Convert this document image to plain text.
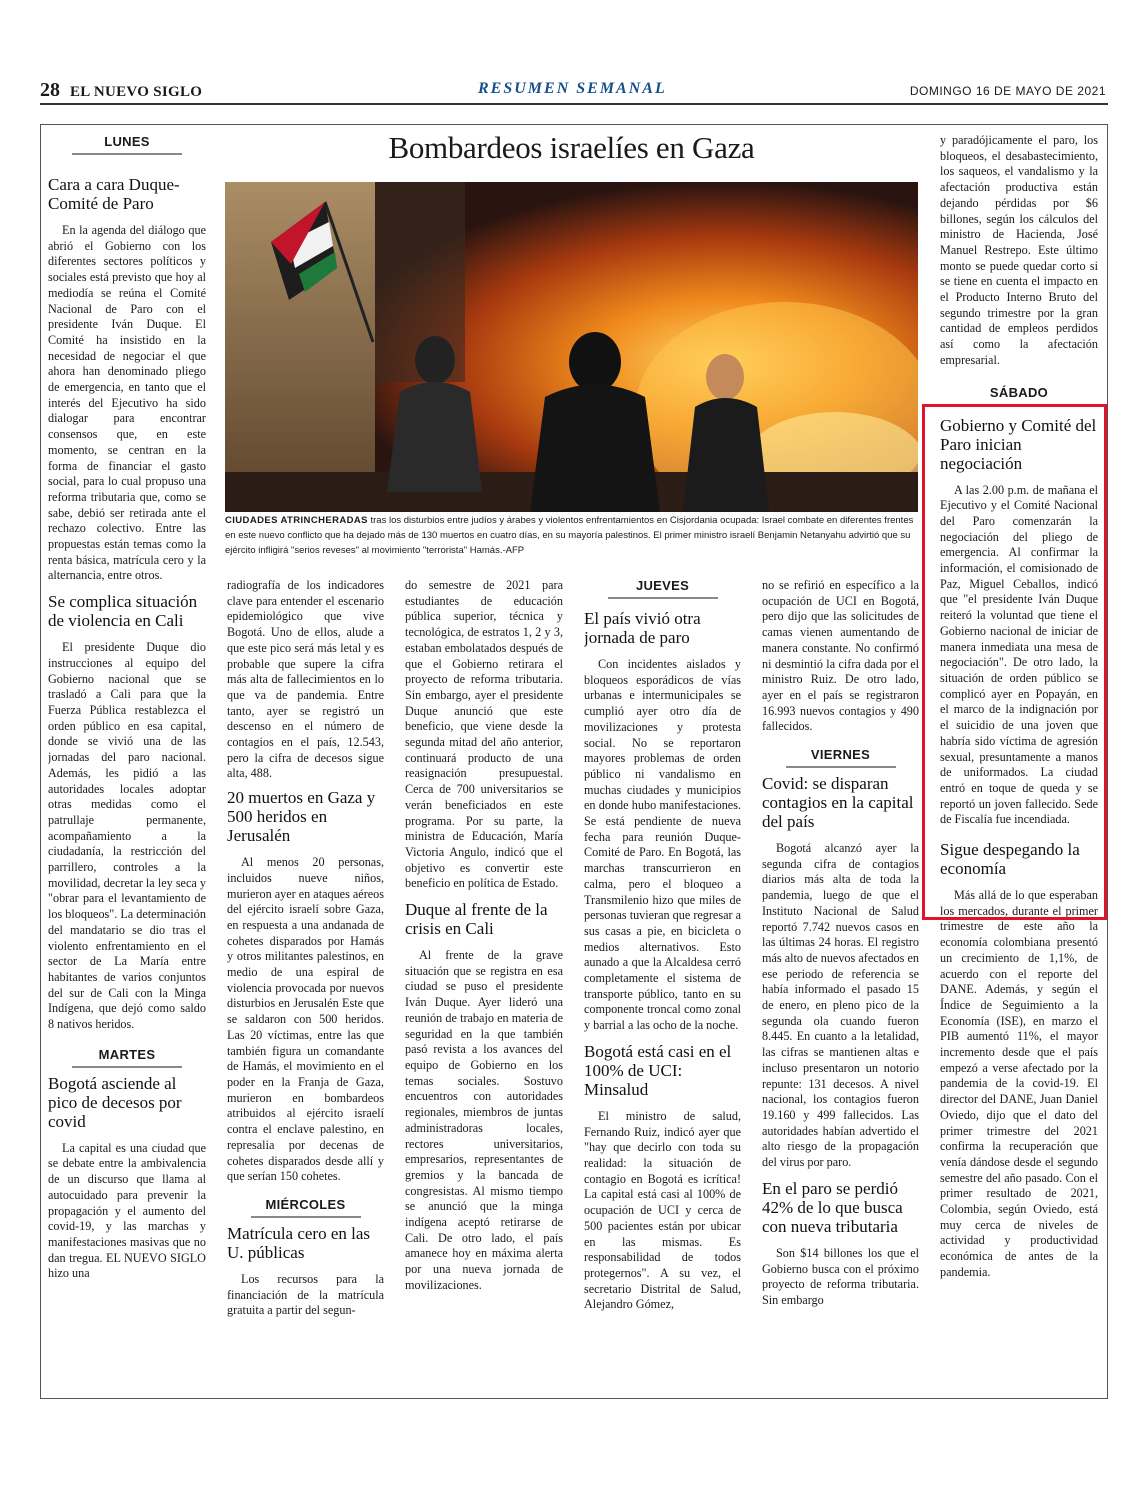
28 EL NUEVO SIGLO	RESUMEN SEMANAL	DOMINGO 16 DE MAYO DE 2021
LUNES
Cara a cara Duque-Comité de Paro

En la agenda del diálogo que abrió el Gobierno con los diferentes sectores políticos y sociales está previsto que hoy al mediodía se reúna el Comité Nacional de Paro con el presidente Iván Duque. El Comité ha insistido en la necesidad de negociar el que ahora han denominado pliego de emergencia, en tanto que el interés del Ejecutivo ha sido dialogar para encontrar consensos que, en este momento, se centran en la forma de financiar el gasto social, para lo cual propuso una reforma tributaria que, como se sabe, debió ser retirada ante el rechazo colectivo. Entre las propuestas están temas como la renta básica, matrícula cero y la alternancia, entre otros.

Se complica situación de violencia en Cali

El presidente Duque dio instrucciones al equipo del Gobierno nacional que se trasladó a Cali para que la Fuerza Pública restablezca el orden público en esa capital, donde se vivió una de las jornadas del paro nacional. Además, les pidió a las autoridades locales adoptar otras medidas como el patrullaje permanente, acompañamiento a la ciudadanía, la restricción del parrillero, controles a la movilidad, decretar la ley seca y "obrar para el levantamiento de los bloqueos". La determinación del mandatario se dio tras el violento enfrentamiento en el sector de La María entre habitantes de varios conjuntos del sur de Cali con la Minga Indígena, que dejó como saldo 8 nativos heridos.

MARTES
Bogotá asciende al pico de decesos por covid

La capital es una ciudad que se debate entre la ambivalencia de un discurso que llama al autocuidado para prevenir la propagación y el aumento del covid-19, y las marchas y manifestaciones masivas que no dan tregua. EL NUEVO SIGLO hizo una

Bombardeos israelíes en Gaza
CIUDADES ATRINCHERADAS tras los disturbios entre judíos y árabes y violentos enfrentamientos en Cisjordania ocupada: Israel combate en diferentes frentes en este nuevo conflicto que ha dejado más de 130 muertos en cuatro días, en su mayoría palestinos. El primer ministro israelí Benjamin Netanyahu advirtió que su ejército infligirá "serios reveses" al movimiento "terrorista" Hamás.-AFP

radiografía de los indicadores clave para entender el escenario epidemiológico que vive Bogotá. Uno de ellos, alude a que este pico será más letal y es probable que supere la cifra más alta de fallecimientos en lo que va de pandemia. Entre tanto, ayer se registró un descenso en el número de contagios en el país, 12.543, pero la cifra de decesos sigue alta, 488.

20 muertos en Gaza y 500 heridos en Jerusalén

Al menos 20 personas, incluidos nueve niños, murieron ayer en ataques aéreos del ejército israelí sobre Gaza, en respuesta a una andanada de cohetes disparados por Hamás y otros militantes palestinos, en medio de una espiral de violencia provocada por nuevos disturbios en Jerusalén Este que se saldaron con 500 heridos. Las 20 víctimas, entre las que también figura un comandante de Hamás, el movimiento en el poder en la Franja de Gaza, murieron en bombardeos atribuidos al ejército israelí contra el enclave palestino, en represalia por decenas de cohetes disparados desde allí y que serían 150 cohetes.

MIÉRCOLES
Matrícula cero en las U. públicas

Los recursos para la financiación de la matrícula gratuita a partir del segun-

do semestre de 2021 para estudiantes de educación pública superior, técnica y tecnológica, de estratos 1, 2 y 3, estaban embolatados después de que el Gobierno retirara el proyecto de reforma tributaria. Sin embargo, ayer el presidente Duque anunció que este beneficio, que viene desde la segunda mitad del año anterior, continuará producto de una reasignación presupuestal. Cerca de 700 universitarios se verán beneficiados en este programa. Por su parte, la ministra de Educación, María Victoria Angulo, indicó que el objetivo es convertir este beneficio en política de Estado.

Duque al frente de la crisis en Cali

Al frente de la grave situación que se registra en esa ciudad se puso el presidente Iván Duque. Ayer lideró una reunión de trabajo en materia de seguridad en la que también pasó revista a los avances del equipo de Gobierno en los temas sociales. Sostuvo encuentros con autoridades regionales, miembros de juntas administradoras locales, rectores universitarios, empresarios, representantes de gremios y la bancada de congresistas. Al mismo tiempo se anunció que la minga indígena aceptó retirarse de Cali. De otro lado, el país amanece hoy en máxima alerta por una nueva jornada de movilizaciones.

JUEVES
El país vivió otra jornada de paro

Con incidentes aislados y bloqueos esporádicos de vías urbanas e intermunicipales se cumplió ayer otro día de movilizaciones y protesta social. No se reportaron mayores problemas de orden público ni vandalismo en muchas ciudades y municipios en donde hubo manifestaciones. Se está pendiente de nueva fecha para reunión Duque-Comité de Paro. En Bogotá, las marchas transcurrieron en calma, pero el bloqueo a Transmilenio hizo que miles de personas tuvieran que regresar a sus casas a pie, en bicicleta o medios alternativos. Esto aunado a que la Alcaldesa cerró completamente el sistema de transporte público, tanto en su componente troncal como zonal y barrial a las ocho de la noche.

Bogotá está casi en el 100% de UCI: Minsalud

El ministro de salud, Fernando Ruiz, indicó ayer que "hay que decirlo con toda su realidad: la situación de contagio en Bogotá es icrítica! La capital está casi al 100% de ocupación de UCI y cerca de 500 pacientes están por ubicar en las mismas. Es responsabilidad de todos protegernos". A su vez, el secretario Distrital de Salud, Alejandro Gómez,

no se refirió en específico a la ocupación de UCI en Bogotá, pero dijo que las solicitudes de camas vienen aumentando de manera constante. No confirmó ni desmintió la cifra dada por el ministro Ruiz. De otro lado, ayer en el país se registraron 16.993 nuevos contagios y 490 fallecidos.

VIERNES
Covid: se disparan contagios en la capital del país

Bogotá alcanzó ayer la segunda cifra de contagios diarios más alta de toda la pandemia, luego de que el Instituto Nacional de Salud reportó 7.742 nuevos casos en las últimas 24 horas. El registro más alto de nuevos afectados en ese periodo de referencia se había informado el pasado 15 de enero, en pleno pico de la segunda ola cuando fueron 8.445. En cuanto a la letalidad, las cifras se mantienen altas e incluso presentaron un notorio repunte: 131 decesos. A nivel nacional, los contagios fueron 19.160 y 499 fallecidos. Las autoridades habían advertido el alto riesgo de la propagación del virus por paro.

En el paro se perdió 42% de lo que busca con nueva tributaria

Son $14 billones los que el Gobierno busca con el próximo proyecto de reforma tributaria. Sin embargo

y paradójicamente el paro, los bloqueos, el desabastecimiento, los saqueos, el vandalismo y la afectación productiva están dejando pérdidas por $6 billones, según los cálculos del ministro de Hacienda, José Manuel Restrepo. Este último monto se puede quedar corto si se tiene en cuenta el impacto en el Producto Interno Bruto del segundo trimestre por la gran cantidad de empleos perdidos así como la afectación empresarial.

SÁBADO
Gobierno y Comité del Paro inician negociación

A las 2.00 p.m. de mañana el Ejecutivo y el Comité Nacional del Paro comenzarán la negociación del pliego de emergencia. Al confirmar la información, el comisionado de Paz, Miguel Ceballos, indicó que "el presidente Iván Duque reiteró la voluntad que tiene el Gobierno nacional de iniciar de manera inmediata una mesa de negociación". De otro lado, la situación de orden público se complicó ayer en Popayán, en el marco de la indignación por el suicidio de una joven que habría sido víctima de agresión sexual, presuntamente a manos de uniformados. La ciudad entró en toque de queda y se reportó un joven fallecido. Sede de Fiscalía fue incendiada.

Sigue despegando la economía

Más allá de lo que esperaban los mercados, durante el primer trimestre de este año la economía colombiana presentó un crecimiento de 1,1%, de acuerdo con el reporte del DANE. Además, y según el Índice de Seguimiento a la Economía (ISE), en marzo el PIB aumentó 11%, el mayor incremento desde que el país empezó a verse afectado por la pandemia de la covid-19. El director del DANE, Juan Daniel Oviedo, dijo que el dato del primer trimestre del 2021 confirma la recuperación que venía dándose desde el segundo semestre del año pasado. Con el primer resultado de 2021, Colombia, según Oviedo, está muy cerca de niveles de actividad y productividad económica de antes de la pandemia.
